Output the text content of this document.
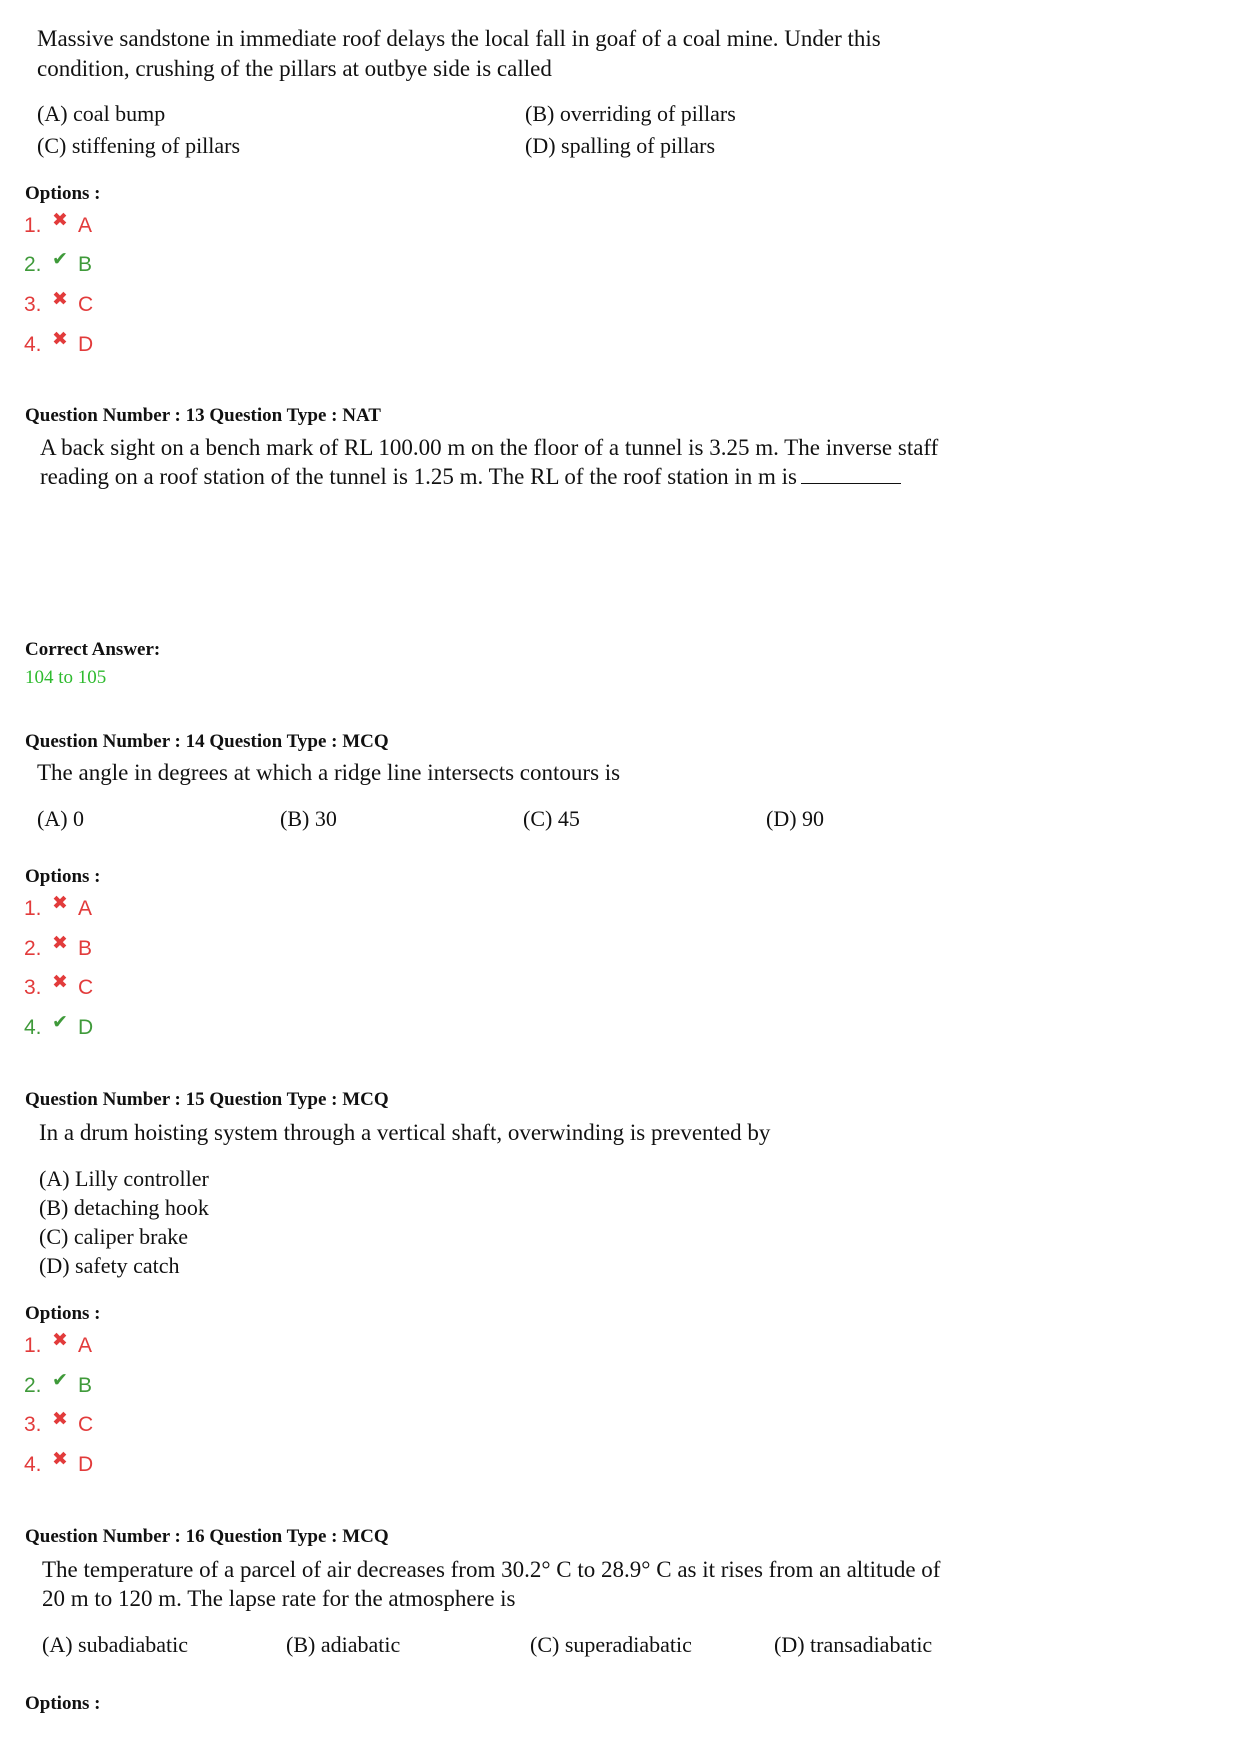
Massive sandstone in immediate roof delays the local fall in goaf of a coal mine. Under this
condition, crushing of the pillars at outbye side is called
(A) coal bump	(B) overriding of pillars
(C) stiffening of pillars	(D) spalling of pillars
Options :
1. ✖ A
2. ✔ B
3. ✖ C
4. ✖ D
Question Number : 13 Question Type : NAT
A back sight on a bench mark of RL 100.00 m on the floor of a tunnel is 3.25 m. The inverse staff
reading on a roof station of the tunnel is 1.25 m. The RL of the roof station in m is
Correct Answer:
104 to 105
Question Number : 14 Question Type : MCQ
The angle in degrees at which a ridge line intersects contours is
(A) 0	(B) 30	(C) 45	(D) 90
Options :
1. ✖ A
2. ✖ B
3. ✖ C
4. ✔ D
Question Number : 15 Question Type : MCQ
In a drum hoisting system through a vertical shaft, overwinding is prevented by
(A) Lilly controller
(B) detaching hook
(C) caliper brake
(D) safety catch
Options :
1. ✖ A
2. ✔ B
3. ✖ C
4. ✖ D
Question Number : 16 Question Type : MCQ
The temperature of a parcel of air decreases from 30.2° C to 28.9° C as it rises from an altitude of
20 m to 120 m. The lapse rate for the atmosphere is
(A) subadiabatic	(B) adiabatic	(C) superadiabatic	(D) transadiabatic
Options :
